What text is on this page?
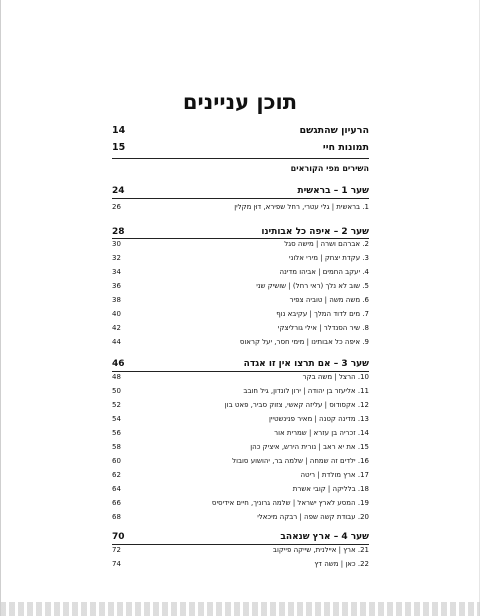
תוכן עניינים
14	הרעיון שהתגשם
15	תמונות חיי
השירים מפי הקוראים
24	שער 1 – בראשית
26	1. בראשית | גלי עטרי, רחל שפירא, דוּן מקלין
28	שער 2 – איפה כל אבותינו
30	2. אברהם ושרה | מישה סגל
32	3. עקדת יצחק | מירי אלוני
34	4. יעקב החמים | אביהו מדינה
36	5. שוב לא נלך (ראי רחל) | שושיק שני
38	6. משה משה | טוביה צפיר
40	7. מים לדוד המלך | עקיבא נוף
42	8. שיר הסנדלר | אילי גורליצקי
44	9. איפה כל אבותינו | מימי חסר, יעל קראוס
46	שער 3 – אם תרצו אין זו אגדה
48	10. הרצל | משה בקר
50	11. אליעזר בן יהודה | ירון לונדון, גיל חובב
52	12. אקסודוס | עליזה קאשי, צזוק סביר, פאט בון
54	13. מדינה קטנה | מאיר פנינשטיין
56	14. זכריה בן עזרא | שמרית אור
58	15. את יא ראב | נורית הירש, איציק כהן
60	16. ילדים זה שמחה | שלמה בר, יהושוע סובול
62	17. ארץ מולדת | ריטה
64	18. בלליקה | קובי אשרת
66	19. המסע לארץ ישראל | שלמה גרוניך, חיים אידיסיס
68	20. עבודת קשה שפה | רבקה מיכאלי
70	שער 4 – ארץ שנאהב
72	21. ארץ | איילנית, שייקה פייקוב
74	22. כאן | משה דץ
